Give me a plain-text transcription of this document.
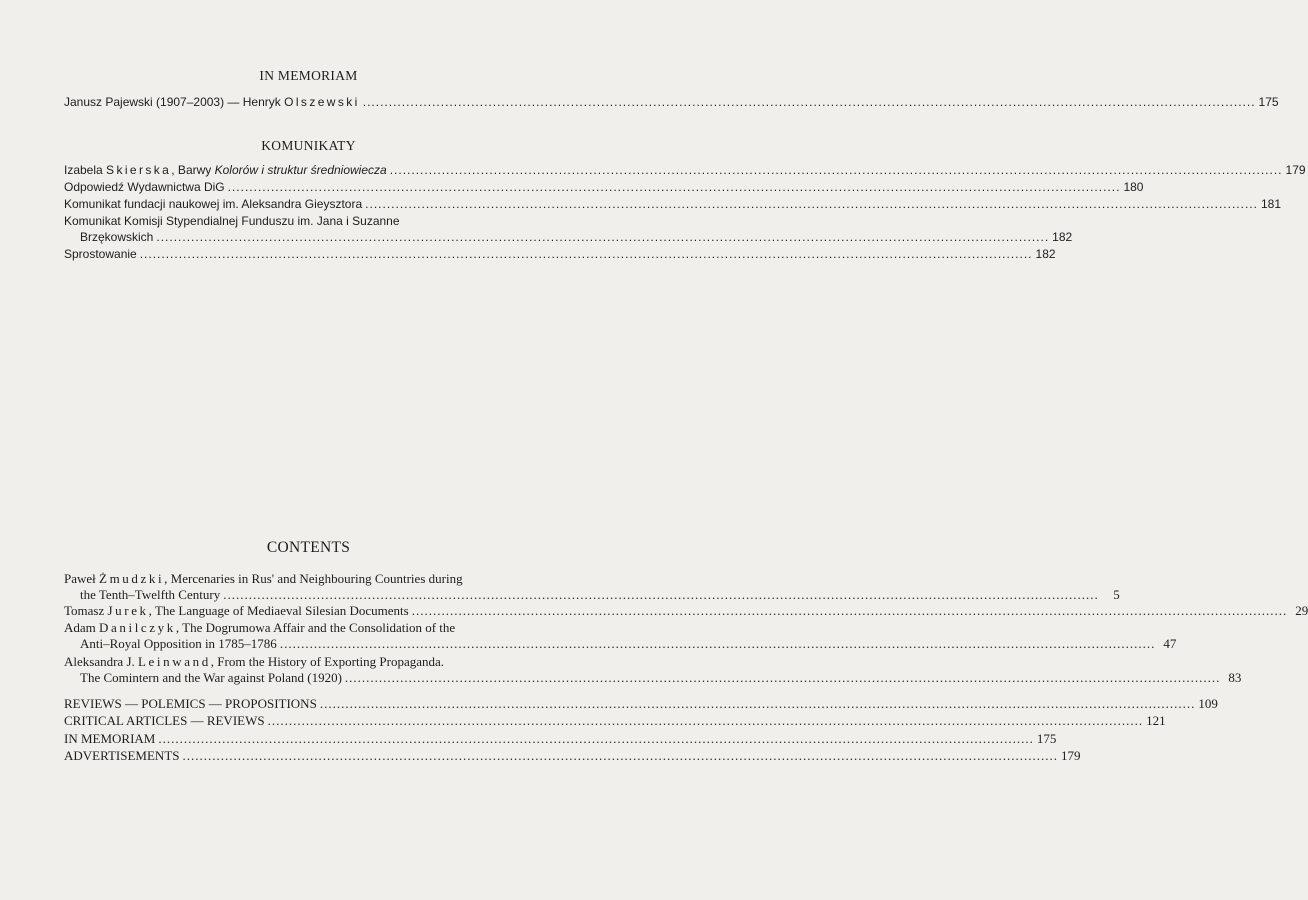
IN MEMORIAM
Janusz Pajewski (1907–2003) — Henryk Olszewski .....	175
KOMUNIKATY
Izabela Skierska, Barwy Kolorów i struktur średniowiecza .....	179
Odpowiedź Wydawnictwa DiG .....	180
Komunikat fundacji naukowej im. Aleksandra Gieysztora .....	181
Komunikat Komisji Stypendialnej Funduszu im. Jana i Suzanne
Brzękowskich .....	182
Sprostowanie .....	182
CONTENTS
Paweł Żmudzki, Mercenaries in Rus' and Neighbouring Countries during
the Tenth–Twelfth Century .....	5
Tomasz Jurek, The Language of Mediaeval Silesian Documents .....	29
Adam Danilczyk, The Dogrumowa Affair and the Consolidation of the
Anti–Royal Opposition in 1785–1786 .....	47
Aleksandra J. Leinwand, From the History of Exporting Propaganda.
The Comintern and the War against Poland (1920) .....	83
REVIEWS — POLEMICS — PROPOSITIONS .....	109
CRITICAL ARTICLES — REVIEWS .....	121
IN MEMORIAM .....	175
ADVERTISEMENTS .....	179
